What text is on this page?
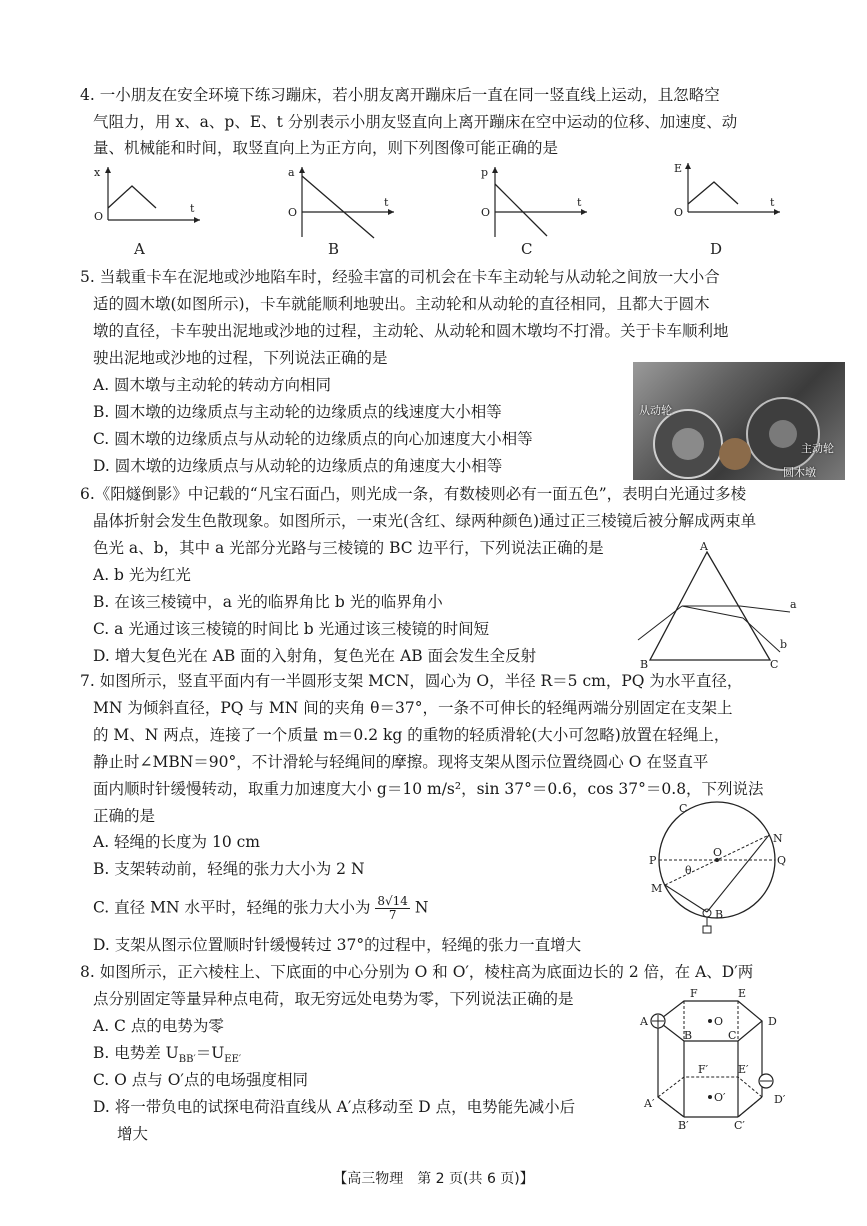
4. 一小朋友在安全环境下练习蹦床，若小朋友离开蹦床后一直在同一竖直线上运动，且忽略空
气阻力，用 x、a、p、E、t 分别表示小朋友竖直向上离开蹦床在空中运动的位移、加速度、动
量、机械能和时间，取竖直向上为正方向，则下列图像可能正确的是
x
O
t
A
a
O
t
B
p
O
t
C
E
O
t
D
5. 当载重卡车在泥地或沙地陷车时，经验丰富的司机会在卡车主动轮与从动轮之间放一大小合
适的圆木墩(如图所示)，卡车就能顺利地驶出。主动轮和从动轮的直径相同，且都大于圆木
墩的直径，卡车驶出泥地或沙地的过程，主动轮、从动轮和圆木墩均不打滑。关于卡车顺利地
驶出泥地或沙地的过程，下列说法正确的是
A. 圆木墩与主动轮的转动方向相同
B. 圆木墩的边缘质点与主动轮的边缘质点的线速度大小相等
C. 圆木墩的边缘质点与从动轮的边缘质点的向心加速度大小相等
D. 圆木墩的边缘质点与从动轮的边缘质点的角速度大小相等
从动轮
主动轮
圆木墩
6.《阳燧倒影》中记载的“凡宝石面凸，则光成一条，有数棱则必有一面五色”，表明白光通过多棱
晶体折射会发生色散现象。如图所示，一束光(含红、绿两种颜色)通过正三棱镜后被分解成两束单
色光 a、b，其中 a 光部分光路与三棱镜的 BC 边平行，下列说法正确的是
A. b 光为红光
B. 在该三棱镜中，a 光的临界角比 b 光的临界角小
C. a 光通过该三棱镜的时间比 b 光通过该三棱镜的时间短
D. 增大复色光在 AB 面的入射角，复色光在 AB 面会发生全反射
A
B	C
a
b
7. 如图所示，竖直平面内有一半圆形支架 MCN，圆心为 O，半径 R＝5 cm，PQ 为水平直径，
MN 为倾斜直径，PQ 与 MN 间的夹角 θ＝37°，一条不可伸长的轻绳两端分别固定在支架上
的 M、N 两点，连接了一个质量 m＝0.2 kg 的重物的轻质滑轮(大小可忽略)放置在轻绳上，
静止时∠MBN＝90°，不计滑轮与轻绳间的摩擦。现将支架从图示位置绕圆心 O 在竖直平
面内顺时针缓慢转动，取重力加速度大小 g＝10 m/s²，sin 37°＝0.6，cos 37°＝0.8，下列说法
正确的是
A. 轻绳的长度为 10 cm
B. 支架转动前，轻绳的张力大小为 2 N
C. 直径 MN 水平时，轻绳的张力大小为 $\frac{8√14}{7}$ N
D. 支架从图示位置顺时针缓慢转过 37°的过程中，轻绳的张力一直增大
C
N
O
P	Q
M
B
θ
8. 如图所示，正六棱柱上、下底面的中心分别为 O 和 O′，棱柱高为底面边长的 2 倍，在 A、D′两
点分别固定等量异种点电荷，取无穷远处电势为零，下列说法正确的是
A. C 点的电势为零
B. 电势差 $U_{BB'}=U_{EE'}$
C. O 点与 O′点的电场强度相同
D. 将一带负电的试探电荷沿直线从 A′点移动至 D 点，电势能先减小后
增大
A
B	C
D
E
F
O
A′
B′	C′
D′
E′
F′
O′
【高三物理　第 2 页(共 6 页)】
